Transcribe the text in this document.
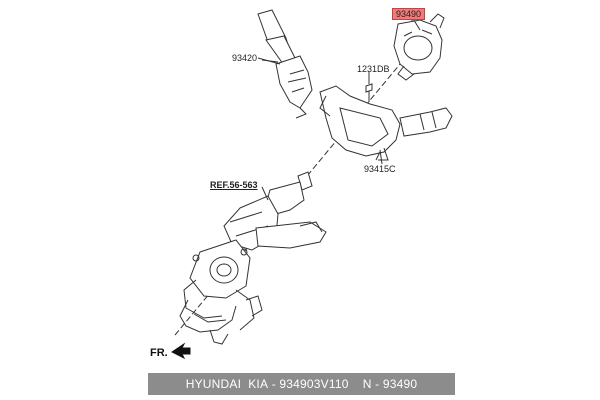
93490
93420
1231DB
93415C
REF.56-563
FR.
HYUNDAI  KIA - 934903V110
N - 93490
